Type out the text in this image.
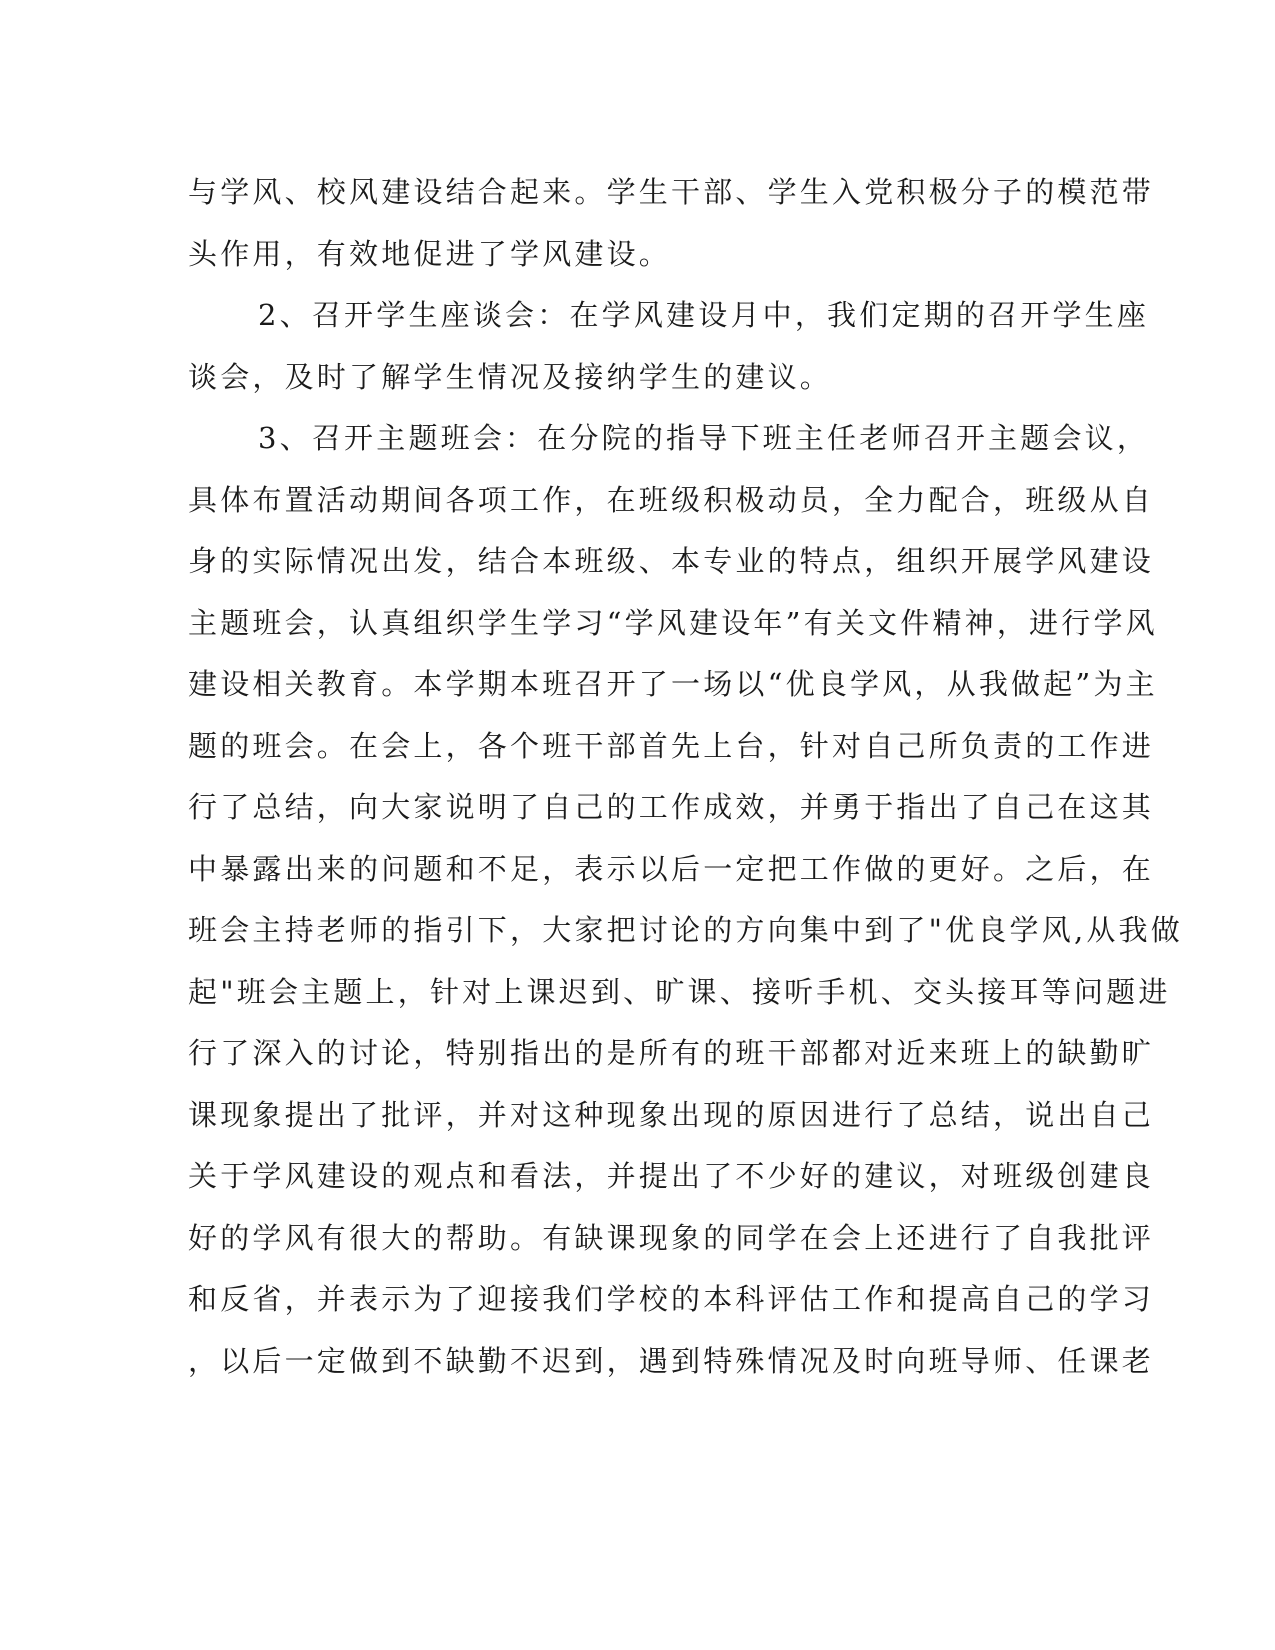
与学风、校风建设结合起来。学生干部、学生入党积极分子的模范带
头作用，有效地促进了学风建设。
2、召开学生座谈会：在学风建设月中，我们定期的召开学生座
谈会，及时了解学生情况及接纳学生的建议。
3、召开主题班会：在分院的指导下班主任老师召开主题会议，
具体布置活动期间各项工作，在班级积极动员，全力配合，班级从自
身的实际情况出发，结合本班级、本专业的特点，组织开展学风建设
主题班会，认真组织学生学习“学风建设年”有关文件精神，进行学风
建设相关教育。本学期本班召开了一场以“优良学风，从我做起”为主
题的班会。在会上，各个班干部首先上台，针对自己所负责的工作进
行了总结，向大家说明了自己的工作成效，并勇于指出了自己在这其
中暴露出来的问题和不足，表示以后一定把工作做的更好。之后，在
班会主持老师的指引下，大家把讨论的方向集中到了"优良学风,从我做
起"班会主题上，针对上课迟到、旷课、接听手机、交头接耳等问题进
行了深入的讨论，特别指出的是所有的班干部都对近来班上的缺勤旷
课现象提出了批评，并对这种现象出现的原因进行了总结，说出自己
关于学风建设的观点和看法，并提出了不少好的建议，对班级创建良
好的学风有很大的帮助。有缺课现象的同学在会上还进行了自我批评
和反省，并表示为了迎接我们学校的本科评估工作和提高自己的学习
，以后一定做到不缺勤不迟到，遇到特殊情况及时向班导师、任课老
